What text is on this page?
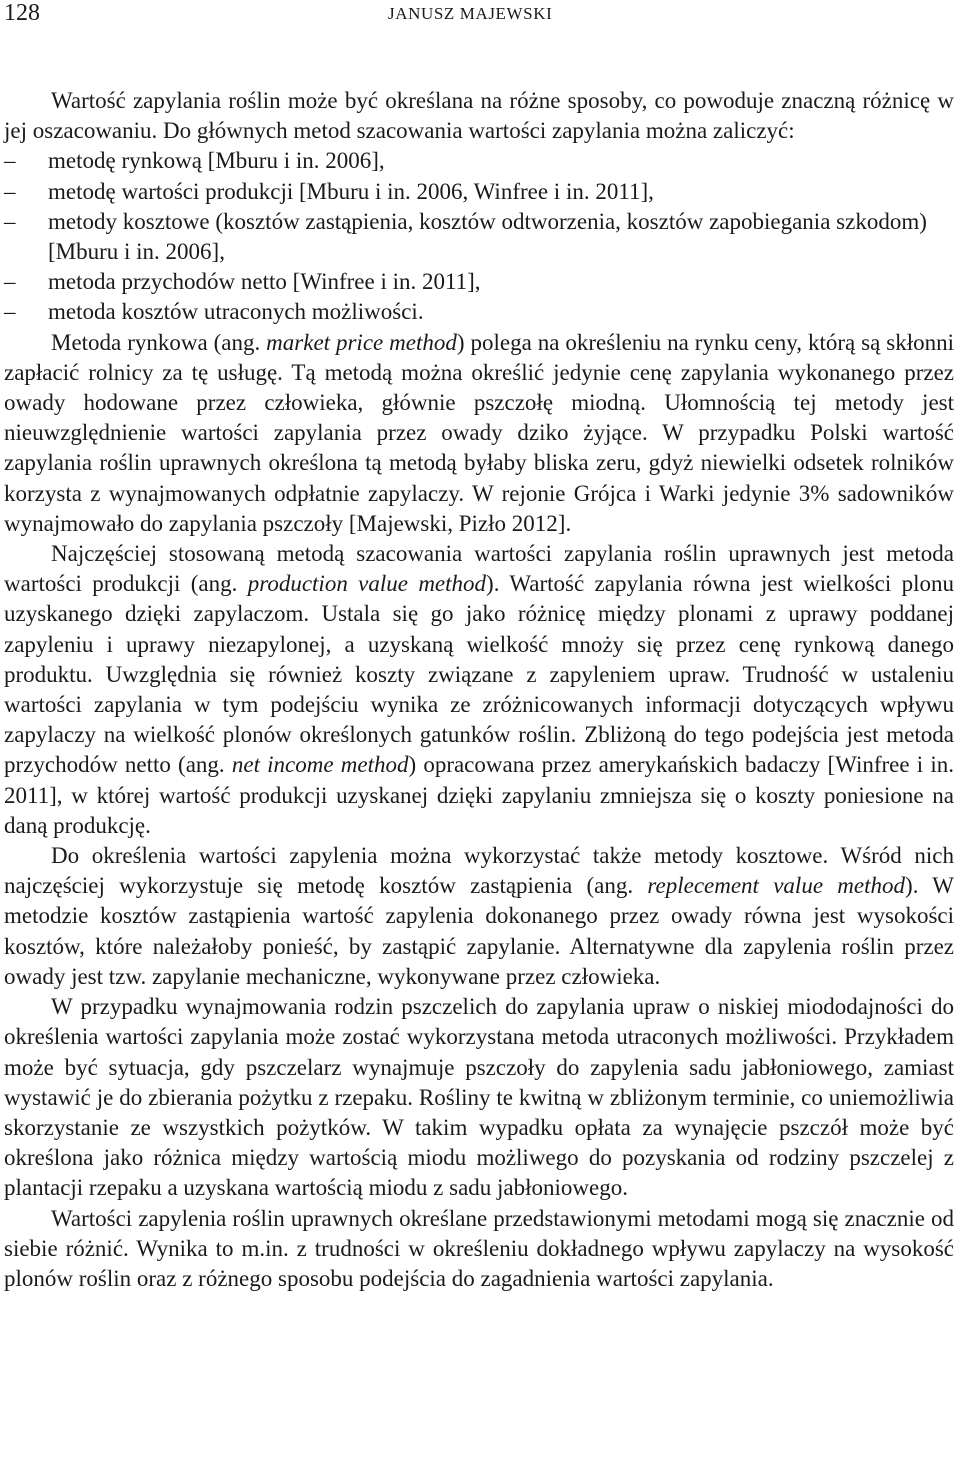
128	JANUSZ MAJEWSKI

Wartość zapylania roślin może być określana na różne sposoby, co powoduje znaczną różnicę w jej oszacowaniu. Do głównych metod szacowania wartości zapylania można zaliczyć:

– metodę rynkową [Mburu i in. 2006],
– metodę wartości produkcji [Mburu i in. 2006, Winfree i in. 2011],
– metody kosztowe (kosztów zastąpienia, kosztów odtworzenia, kosztów zapobiegania szkodom) [Mburu i in. 2006],
– metoda przychodów netto [Winfree i in. 2011],
– metoda kosztów utraconych możliwości.

Metoda rynkowa (ang. market price method) polega na określeniu na rynku ceny, którą są skłonni zapłacić rolnicy za tę usługę. Tą metodą można określić jedynie cenę zapylania wykonanego przez owady hodowane przez człowieka, głównie pszczołę miodną. Ułomnością tej metody jest nieuwzględnienie wartości zapylania przez owady dziko żyjące. W przypadku Polski wartość zapylania roślin uprawnych określona tą metodą byłaby bliska zeru, gdyż niewielki odsetek rolników korzysta z wynajmowanych odpłatnie zapylaczy. W rejonie Grójca i Warki jedynie 3% sadowników wynajmowało do zapylania pszczoły [Majewski, Pizło 2012].

Najczęściej stosowaną metodą szacowania wartości zapylania roślin uprawnych jest metoda wartości produkcji (ang. production value method). Wartość zapylania równa jest wielkości plonu uzyskanego dzięki zapylaczom. Ustala się go jako różnicę między plonami z uprawy poddanej zapyleniu i uprawy niezapylonej, a uzyskaną wielkość mnoży się przez cenę rynkową danego produktu. Uwzględnia się również koszty związane z zapyleniem upraw. Trudność w ustaleniu wartości zapylania w tym podejściu wynika ze zróżnicowanych informacji dotyczących wpływu zapylaczy na wielkość plonów określonych gatunków roślin. Zbliżoną do tego podejścia jest metoda przychodów netto (ang. net income method) opracowana przez amerykańskich badaczy [Winfree i in. 2011], w której wartość produkcji uzyskanej dzięki zapylaniu zmniejsza się o koszty poniesione na daną produkcję.

Do określenia wartości zapylenia można wykorzystać także metody kosztowe. Wśród nich najczęściej wykorzystuje się metodę kosztów zastąpienia (ang. replecement value method). W metodzie kosztów zastąpienia wartość zapylenia dokonanego przez owady równa jest wysokości kosztów, które należałoby ponieść, by zastąpić zapylanie. Alternatywne dla zapylenia roślin przez owady jest tzw. zapylanie mechaniczne, wykonywane przez człowieka.

W przypadku wynajmowania rodzin pszczelich do zapylania upraw o niskiej miododajności do określenia wartości zapylania może zostać wykorzystana metoda utraconych możliwości. Przykładem może być sytuacja, gdy pszczelarz wynajmuje pszczoły do zapylenia sadu jabłoniowego, zamiast wystawić je do zbierania pożytku z rzepaku. Rośliny te kwitną w zbliżonym terminie, co uniemożliwia skorzystanie ze wszystkich pożytków. W takim wypadku opłata za wynajęcie pszczół może być określona jako różnica między wartością miodu możliwego do pozyskania od rodziny pszczelej z plantacji rzepaku a uzyskana wartością miodu z sadu jabłoniowego.

Wartości zapylenia roślin uprawnych określane przedstawionymi metodami mogą się znacznie od siebie różnić. Wynika to m.in. z trudności w określeniu dokładnego wpływu zapylaczy na wysokość plonów roślin oraz z różnego sposobu podejścia do zagadnienia wartości zapylania.
